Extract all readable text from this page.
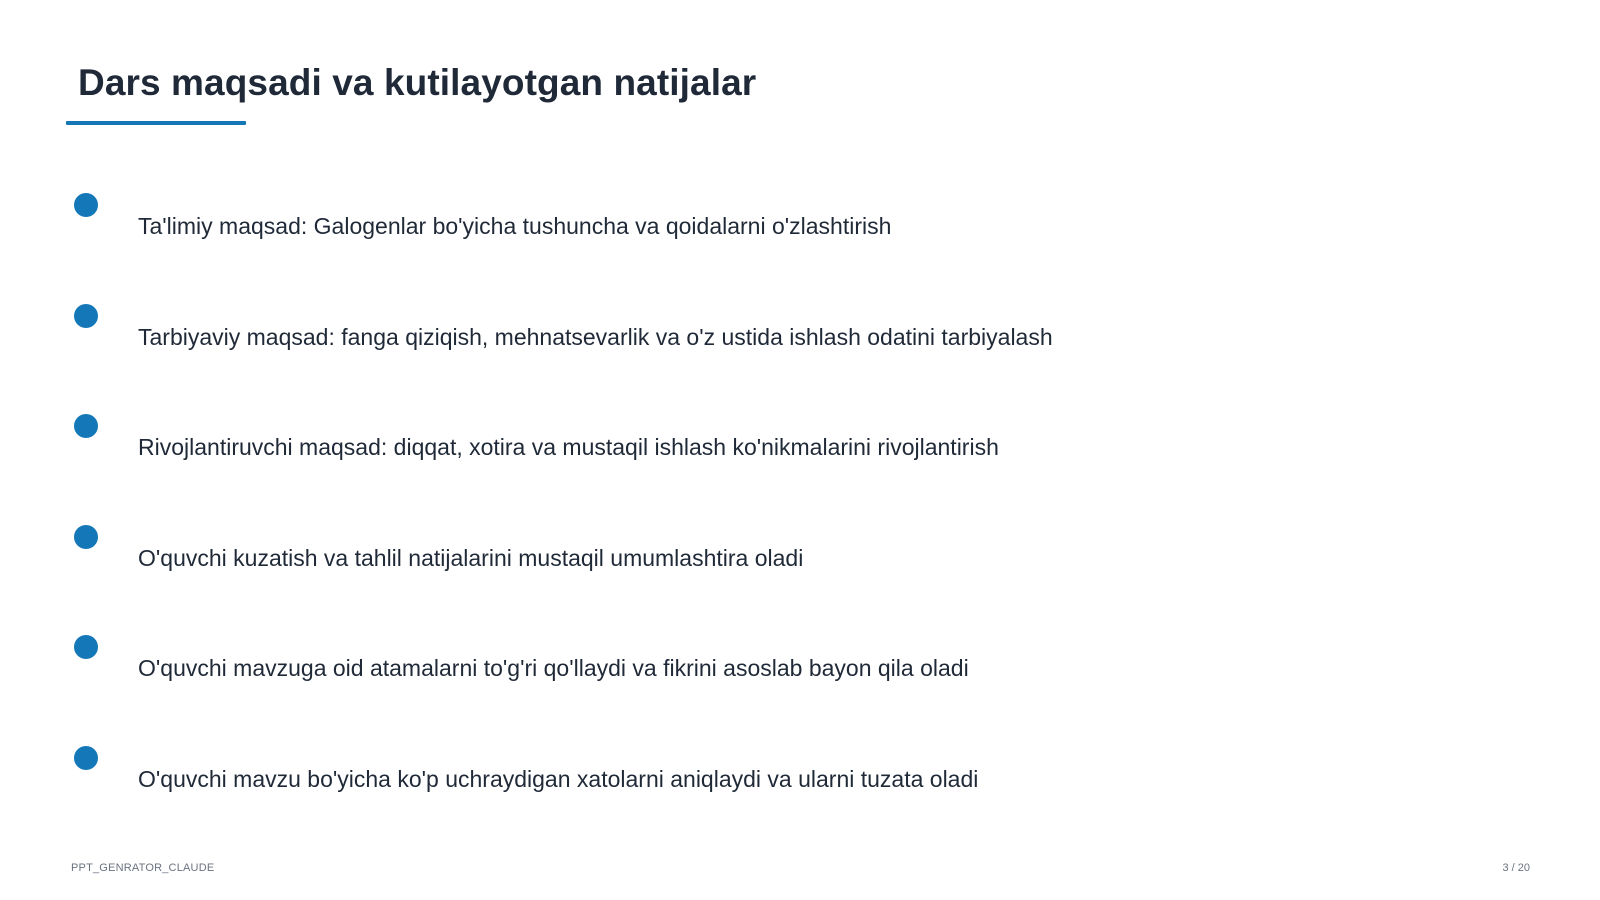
Dars maqsadi va kutilayotgan natijalar
Ta'limiy maqsad: Galogenlar bo'yicha tushuncha va qoidalarni o'zlashtirish
Tarbiyaviy maqsad: fanga qiziqish, mehnatsevarlik va o'z ustida ishlash odatini tarbiyalash
Rivojlantiruvchi maqsad: diqqat, xotira va mustaqil ishlash ko'nikmalarini rivojlantirish
O'quvchi kuzatish va tahlil natijalarini mustaqil umumlashtira oladi
O'quvchi mavzuga oid atamalarni to'g'ri qo'llaydi va fikrini asoslab bayon qila oladi
O'quvchi mavzu bo'yicha ko'p uchraydigan xatolarni aniqlaydi va ularni tuzata oladi
PPT_GENRATOR_CLAUDE	3 / 20
